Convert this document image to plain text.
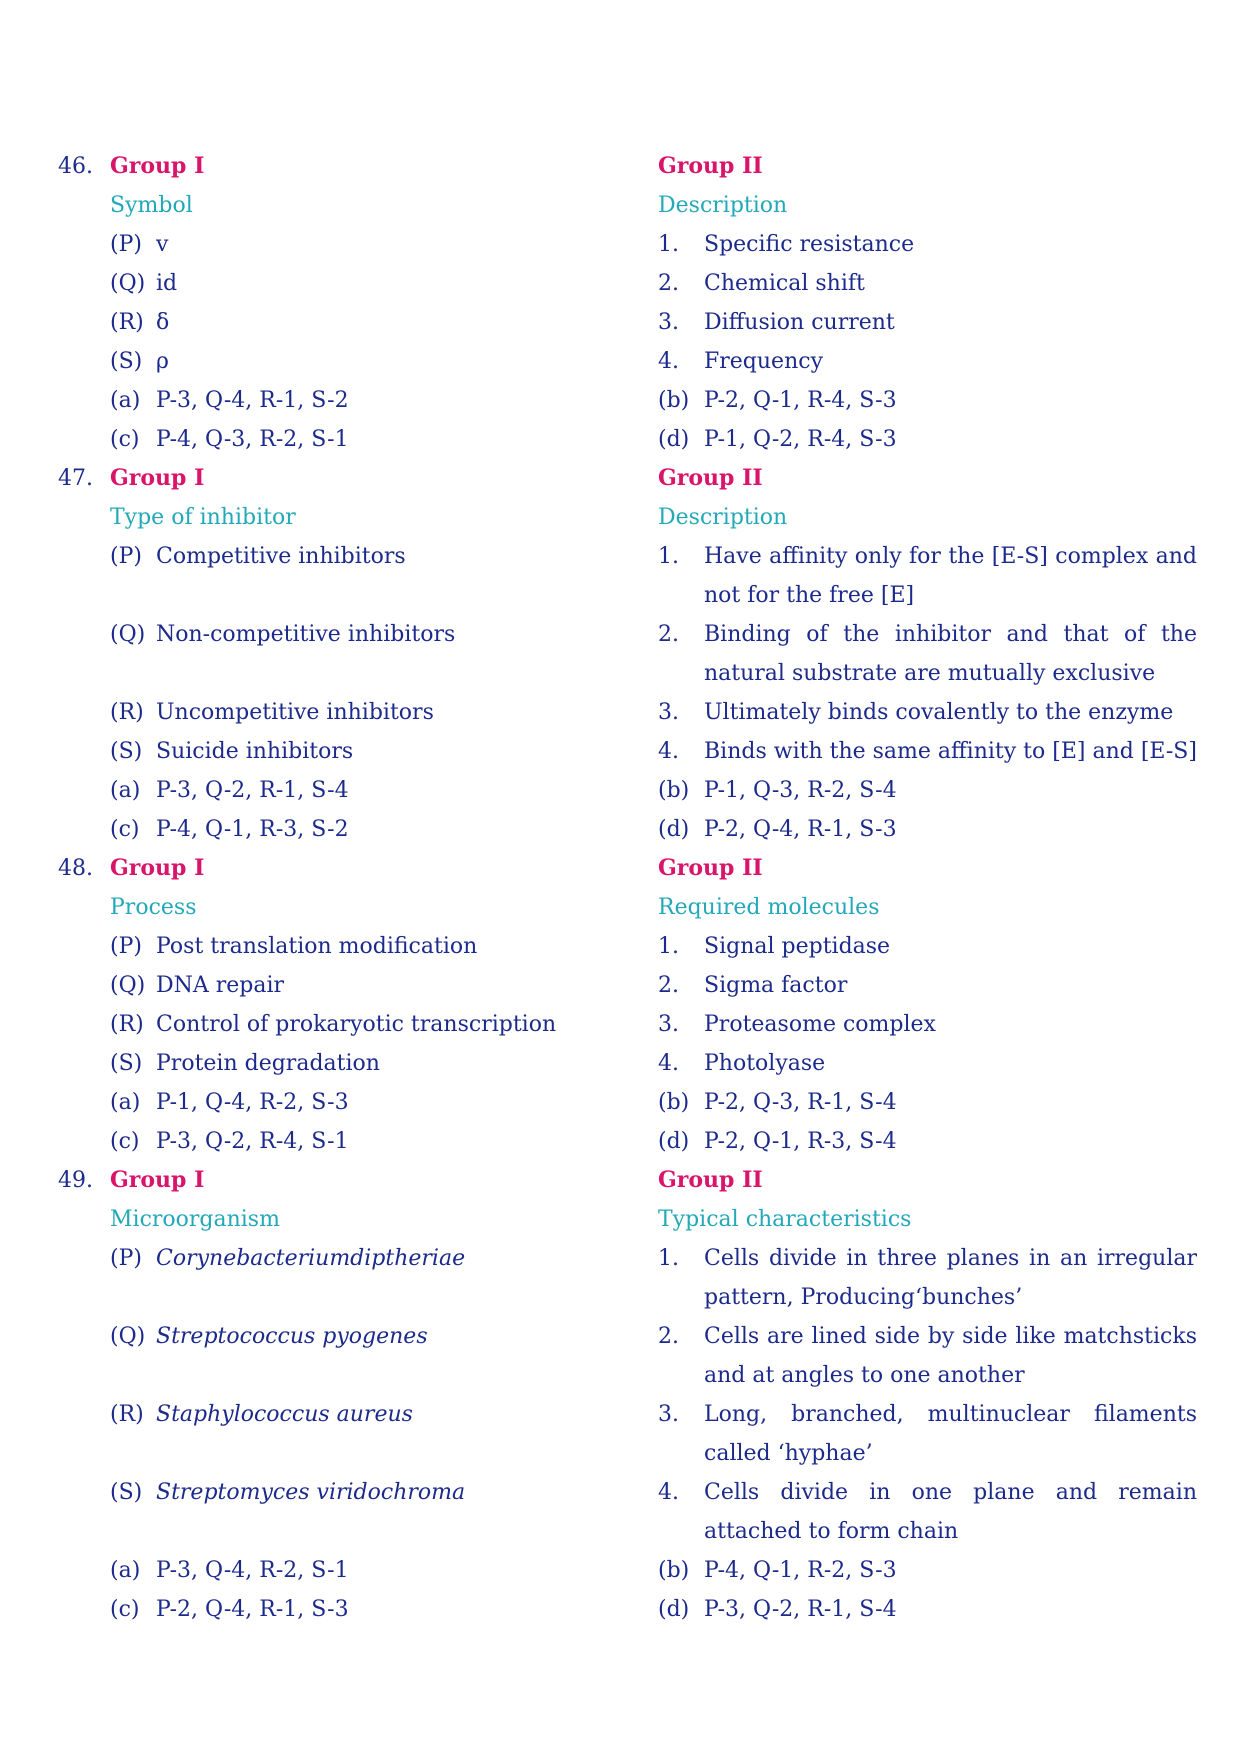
46. Group I	Group II
Symbol	Description
(P) v	1.	Specific resistance
(Q) id	2.	Chemical shift
(R) δ	3.	Diffusion current
(S) ρ	4.	Frequency
(a) P-3, Q-4, R-1, S-2	(b) P-2, Q-1, R-4, S-3
(c) P-4, Q-3, R-2, S-1	(d) P-1, Q-2, R-4, S-3
47. Group I	Group II
Type of inhibitor	Description
(P) Competitive inhibitors	1.	Have affinity only for the [E-S] complex and not for the free [E]
(Q) Non-competitive inhibitors	2.	Binding of the inhibitor and that of the natural substrate are mutually exclusive
(R) Uncompetitive inhibitors	3.	Ultimately binds covalently to the enzyme
(S) Suicide inhibitors	4.	Binds with the same affinity to [E] and [E-S]
(a) P-3, Q-2, R-1, S-4	(b) P-1, Q-3, R-2, S-4
(c) P-4, Q-1, R-3, S-2	(d) P-2, Q-4, R-1, S-3
48. Group I	Group II
Process	Required molecules
(P) Post translation modification	1.	Signal peptidase
(Q) DNA repair	2.	Sigma factor
(R) Control of prokaryotic transcription	3.	Proteasome complex
(S) Protein degradation	4.	Photolyase
(a) P-1, Q-4, R-2, S-3	(b) P-2, Q-3, R-1, S-4
(c) P-3, Q-2, R-4, S-1	(d) P-2, Q-1, R-3, S-4
49. Group I	Group II
Microorganism	Typical characteristics
(P) Corynebacteriumdiptheriae	1.	Cells divide in three planes in an irregular pattern, Producing‘bunches’
(Q) Streptococcus pyogenes	2.	Cells are lined side by side like matchsticks and at angles to one another
(R) Staphylococcus aureus	3.	Long, branched, multinuclear filaments called ‘hyphae’
(S) Streptomyces viridochroma	4.	Cells divide in one plane and remain attached to form chain
(a) P-3, Q-4, R-2, S-1	(b) P-4, Q-1, R-2, S-3
(c) P-2, Q-4, R-1, S-3	(d) P-3, Q-2, R-1, S-4
